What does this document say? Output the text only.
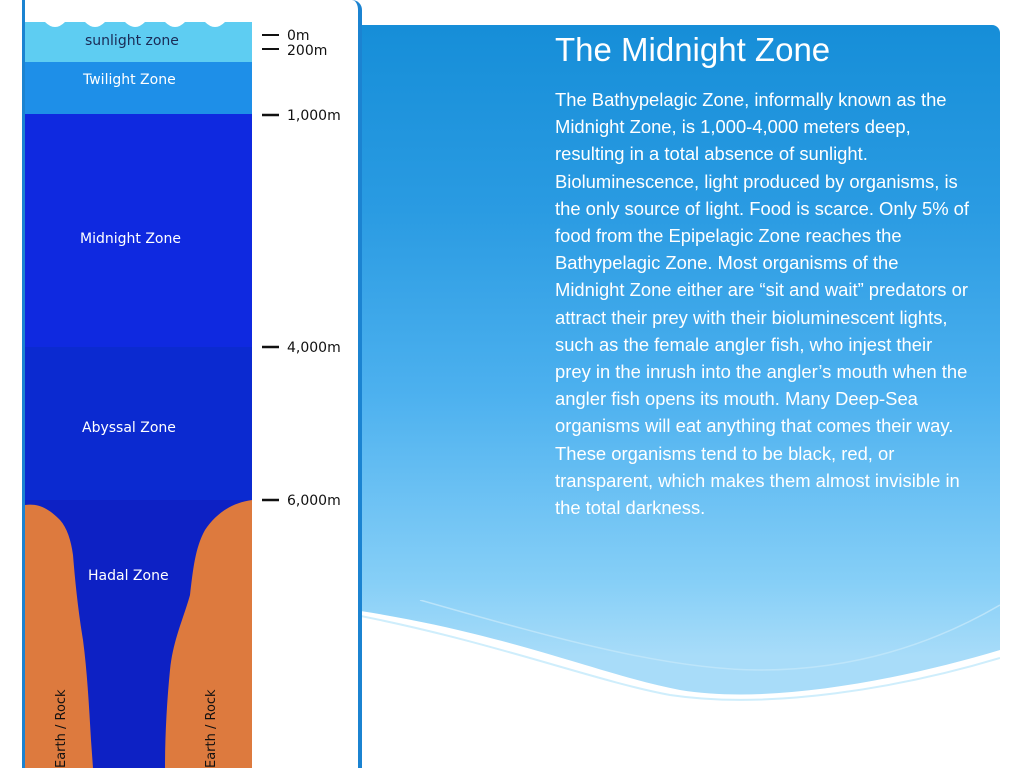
The Midnight Zone
The Bathypelagic Zone, informally known as the Midnight Zone, is 1,000-4,000 meters deep, resulting in a total absence of sunlight. Bioluminescence, light produced by organisms, is the only source of light. Food is scarce. Only 5% of food from the Epipelagic Zone reaches the Bathypelagic Zone. Most organisms of the Midnight Zone either are “sit and wait” predators or attract their prey with their bioluminescent lights, such as the female angler fish, who injest their prey in the inrush into the angler’s mouth when the angler fish opens its mouth. Many Deep-Sea organisms will eat anything that comes their way. These organisms tend to be black, red, or transparent, which makes them almost invisible in the total darkness.
sunlight zone
Twilight Zone
Midnight Zone
Abyssal Zone
Hadal Zone
Earth / Rock	Earth / Rock
0m
200m
1,000m
4,000m
6,000m
